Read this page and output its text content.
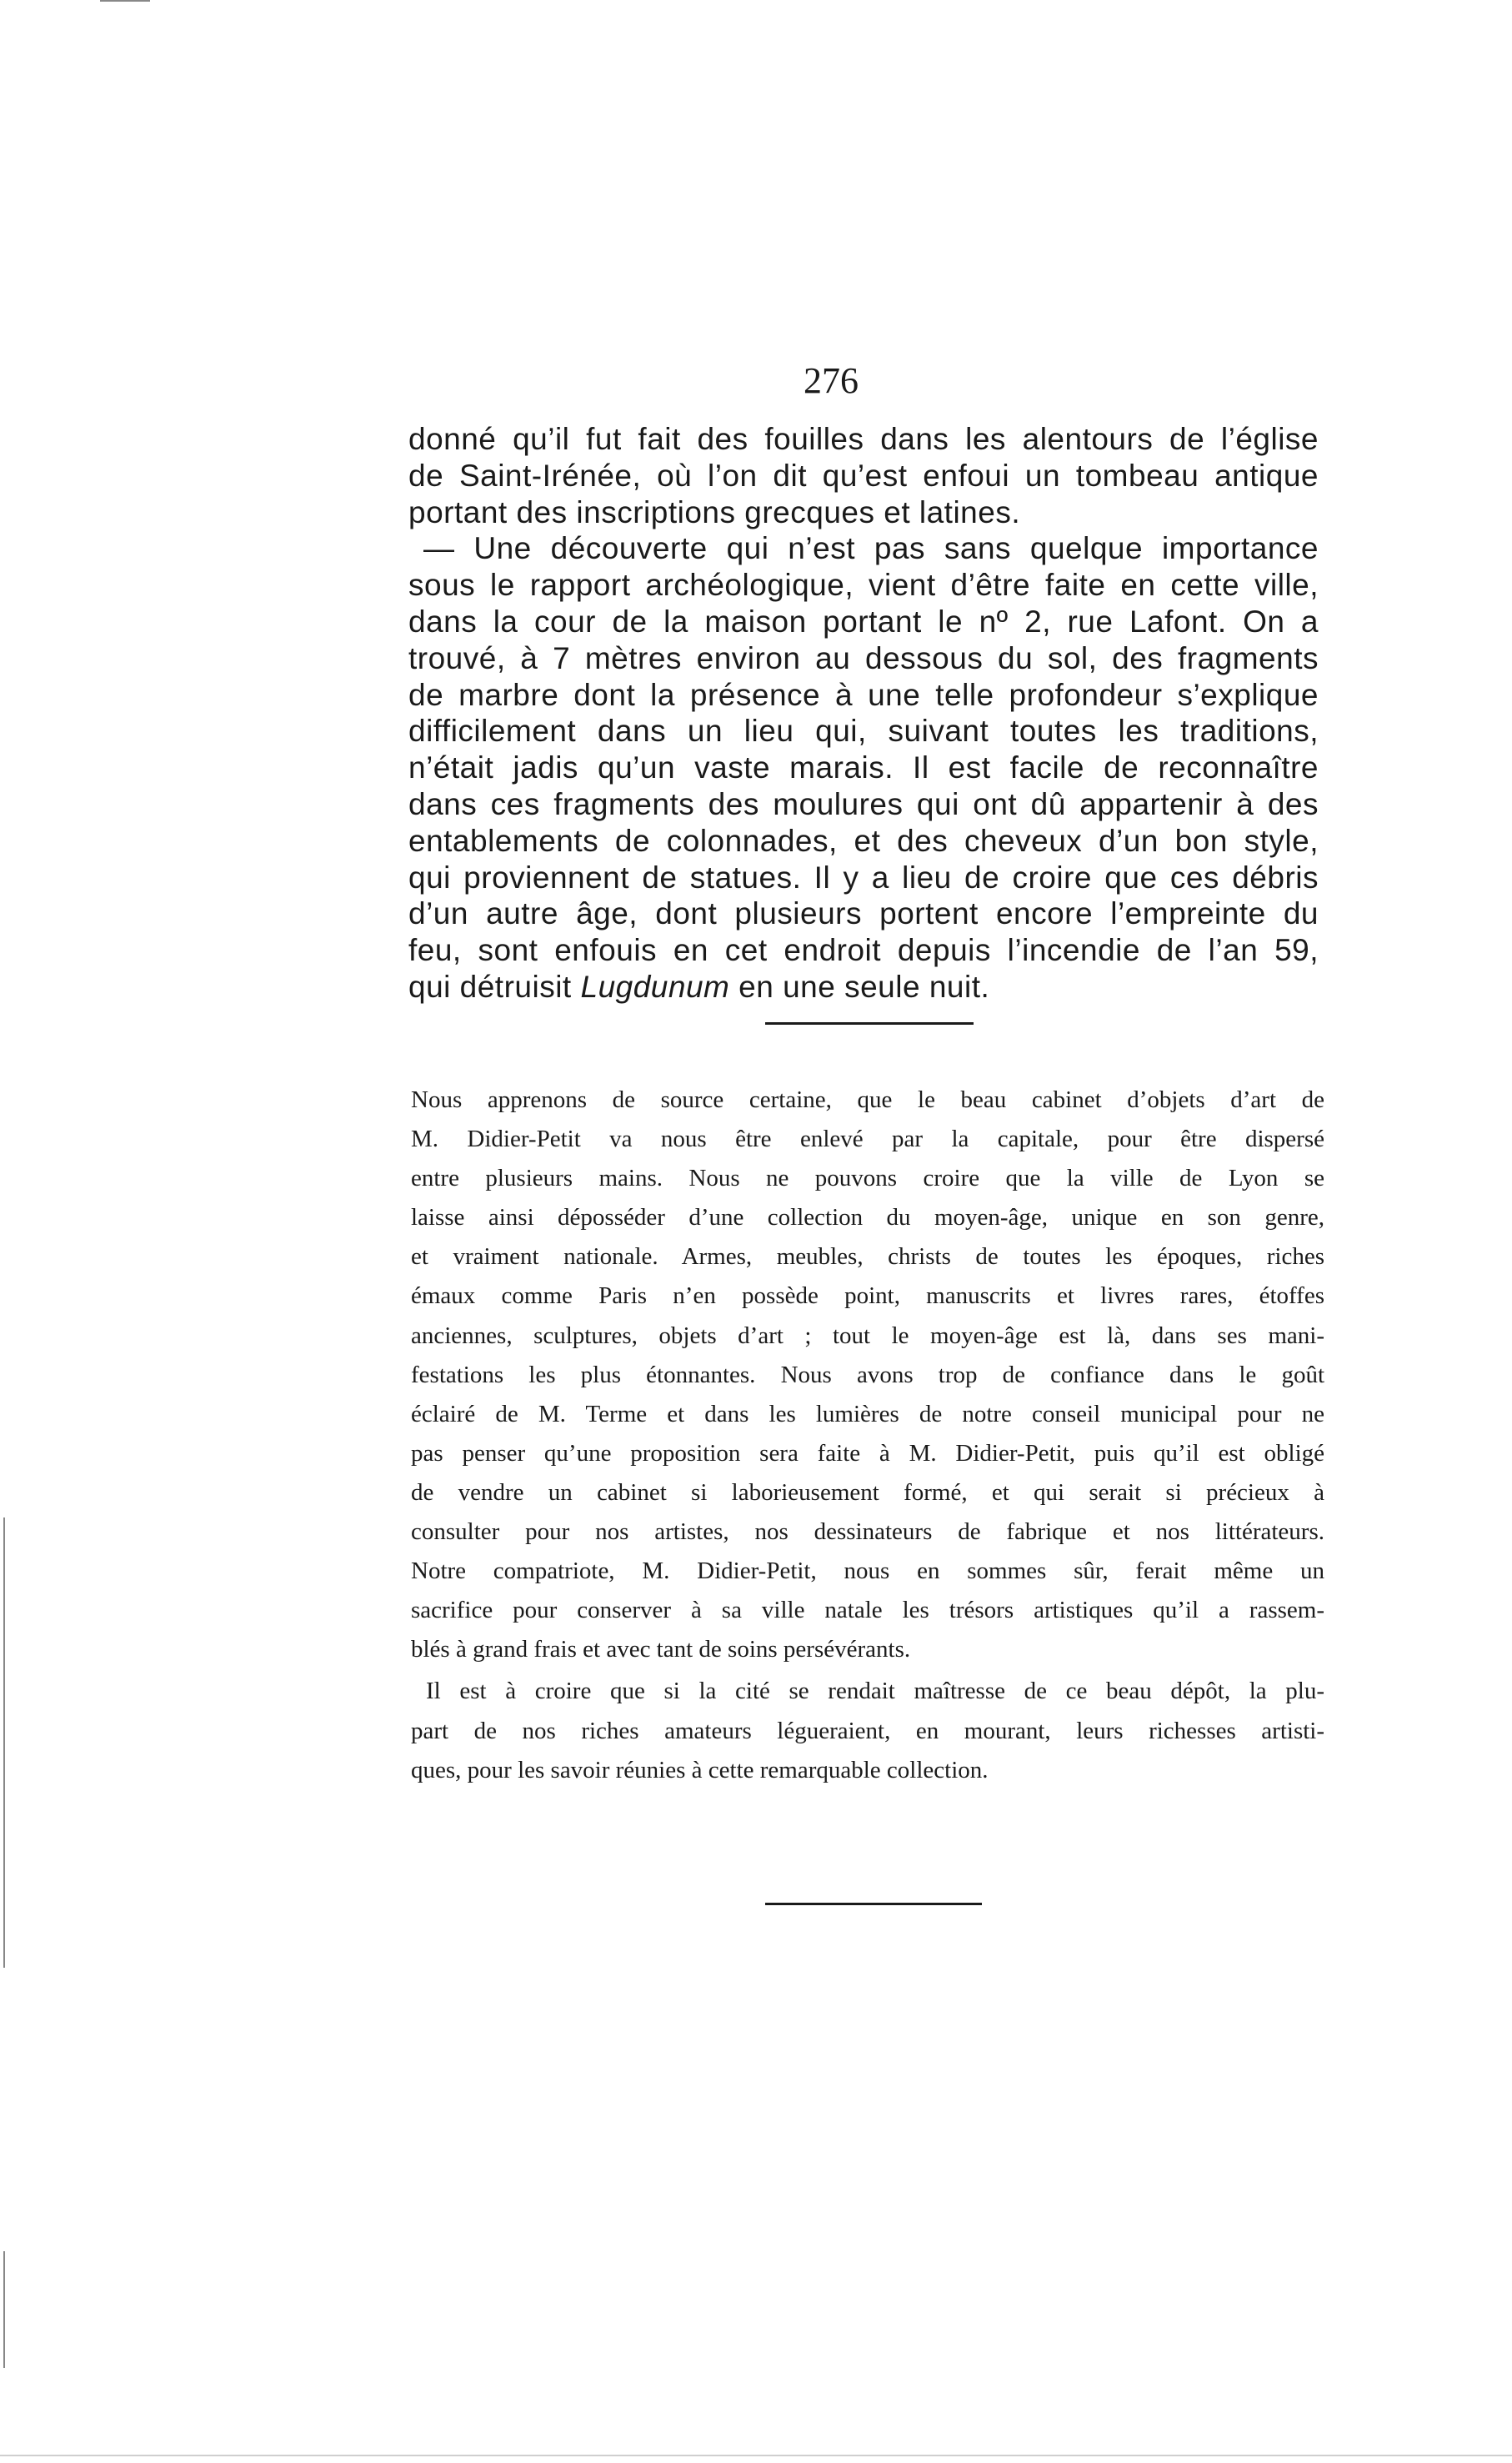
276
donné qu’il fut fait des fouilles dans les alentours de l’église
de Saint-Irénée, où l’on dit qu’est enfoui un tombeau antique
portant des inscriptions grecques et latines.
— Une découverte qui n’est pas sans quelque importance
sous le rapport archéologique, vient d’être faite en cette ville,
dans la cour de la maison portant le nº 2, rue Lafont. On a
trouvé, à 7 mètres environ au dessous du sol, des fragments
de marbre dont la présence à une telle profondeur s’explique
difficilement dans un lieu qui, suivant toutes les traditions,
n’était jadis qu’un vaste marais. Il est facile de reconnaître
dans ces fragments des moulures qui ont dû appartenir à des
entablements de colonnades, et des cheveux d’un bon style,
qui proviennent de statues. Il y a lieu de croire que ces débris
d’un autre âge, dont plusieurs portent encore l’empreinte du
feu, sont enfouis en cet endroit depuis l’incendie de l’an 59,
qui détruisit Lugdunum en une seule nuit.
Nous apprenons de source certaine, que le beau cabinet d’objets d’art de
M. Didier-Petit va nous être enlevé par la capitale, pour être dispersé
entre plusieurs mains. Nous ne pouvons croire que la ville de Lyon se
laisse ainsi déposséder d’une collection du moyen-âge, unique en son genre,
et vraiment nationale. Armes, meubles, christs de toutes les époques, riches
émaux comme Paris n’en possède point, manuscrits et livres rares, étoffes
anciennes, sculptures, objets d’art ; tout le moyen-âge est là, dans ses mani-
festations les plus étonnantes. Nous avons trop de confiance dans le goût
éclairé de M. Terme et dans les lumières de notre conseil municipal pour ne
pas penser qu’une proposition sera faite à M. Didier-Petit, puis qu’il est obligé
de vendre un cabinet si laborieusement formé, et qui serait si précieux à
consulter pour nos artistes, nos dessinateurs de fabrique et nos littérateurs.
Notre compatriote, M. Didier-Petit, nous en sommes sûr, ferait même un
sacrifice pour conserver à sa ville natale les trésors artistiques qu’il a rassem-
blés à grand frais et avec tant de soins persévérants.
Il est à croire que si la cité se rendait maîtresse de ce beau dépôt, la plu-
part de nos riches amateurs légueraient, en mourant, leurs richesses artisti-
ques, pour les savoir réunies à cette remarquable collection.
